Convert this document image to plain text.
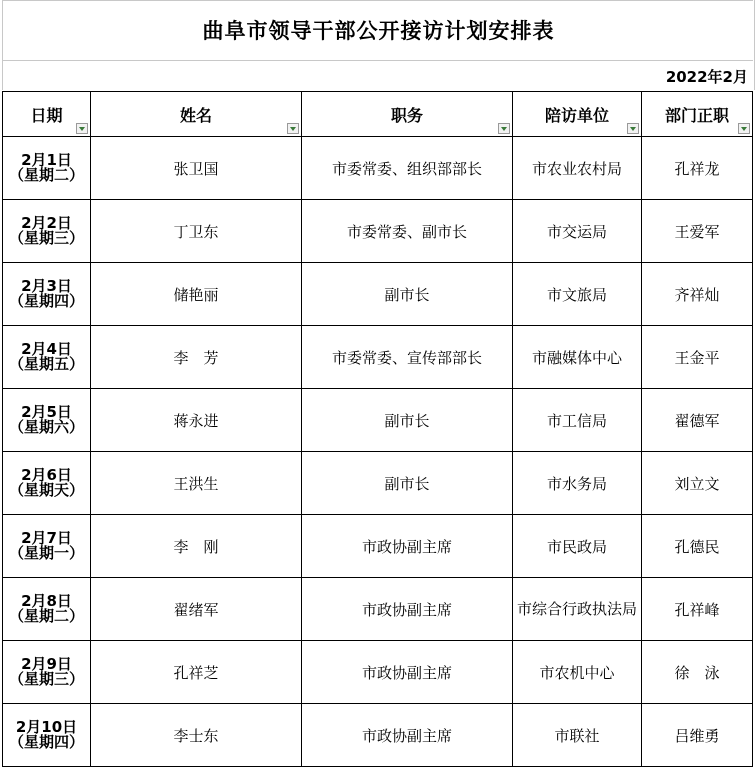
曲阜市领导干部公开接访计划安排表
2022年2月
日期	姓名	职务	陪访单位	部门正职

2月1日
（星期二）	张卫国	市委常委、组织部部长	市农业农村局	孔祥龙
2月2日
（星期三）	丁卫东	市委常委、副市长	市交运局	王爱军
2月3日
（星期四）	储艳丽	副市长	市文旅局	齐祥灿
2月4日
（星期五）	李　芳	市委常委、宣传部部长	市融媒体中心	王金平
2月5日
（星期六）	蒋永进	副市长	市工信局	翟德军
2月6日
（星期天）	王洪生	副市长	市水务局	刘立文
2月7日
（星期一）	李　刚	市政协副主席	市民政局	孔德民
2月8日
（星期二）	翟绪军	市政协副主席	市综合行政执法局	孔祥峰
2月9日
（星期三）	孔祥芝	市政协副主席	市农机中心	徐　泳
2月10日
（星期四）	李士东	市政协副主席	市联社	吕维勇
